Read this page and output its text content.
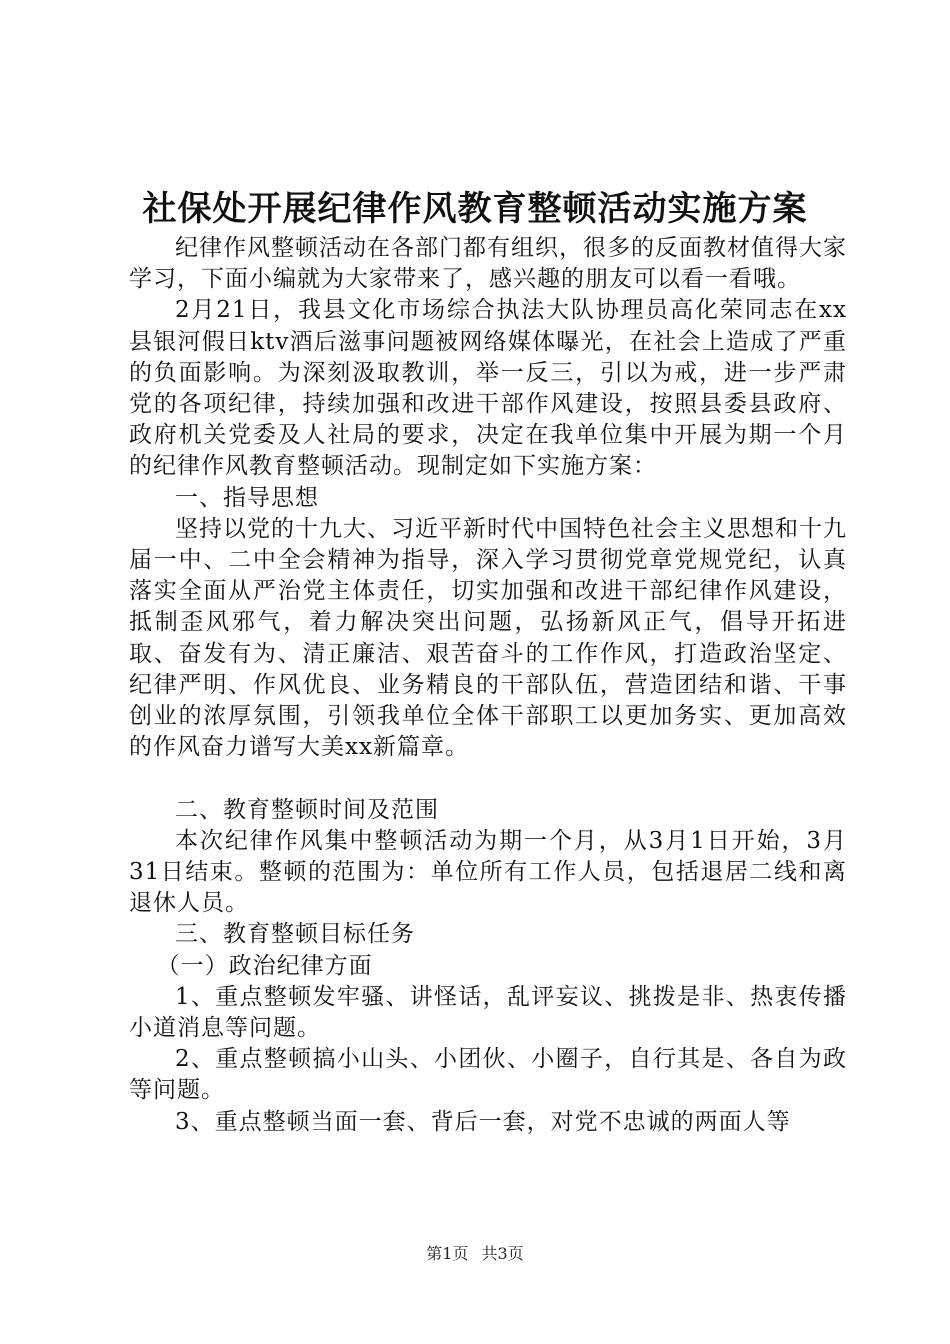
社保处开展纪律作风教育整顿活动实施方案

纪律作风整顿活动在各部门都有组织，很多的反面教材值得大家学习，下面小编就为大家带来了，感兴趣的朋友可以看一看哦。

2月21日，我县文化市场综合执法大队协理员高化荣同志在xx县银河假日ktv酒后滋事问题被网络媒体曝光，在社会上造成了严重的负面影响。为深刻汲取教训，举一反三，引以为戒，进一步严肃党的各项纪律，持续加强和改进干部作风建设，按照县委县政府、政府机关党委及人社局的要求，决定在我单位集中开展为期一个月的纪律作风教育整顿活动。现制定如下实施方案：

一、指导思想

坚持以党的十九大、习近平新时代中国特色社会主义思想和十九届一中、二中全会精神为指导，深入学习贯彻党章党规党纪，认真落实全面从严治党主体责任，切实加强和改进干部纪律作风建设，抵制歪风邪气，着力解决突出问题，弘扬新风正气，倡导开拓进取、奋发有为、清正廉洁、艰苦奋斗的工作作风，打造政治坚定、纪律严明、作风优良、业务精良的干部队伍，营造团结和谐、干事创业的浓厚氛围，引领我单位全体干部职工以更加务实、更加高效的作风奋力谱写大美xx新篇章。

二、教育整顿时间及范围

本次纪律作风集中整顿活动为期一个月，从3月1日开始，3月31日结束。整顿的范围为：单位所有工作人员，包括退居二线和离退休人员。

三、教育整顿目标任务

（一）政治纪律方面

1、重点整顿发牢骚、讲怪话，乱评妄议、挑拨是非、热衷传播小道消息等问题。

2、重点整顿搞小山头、小团伙、小圈子，自行其是、各自为政等问题。

3、重点整顿当面一套、背后一套，对党不忠诚的两面人等

第1页 共3页
